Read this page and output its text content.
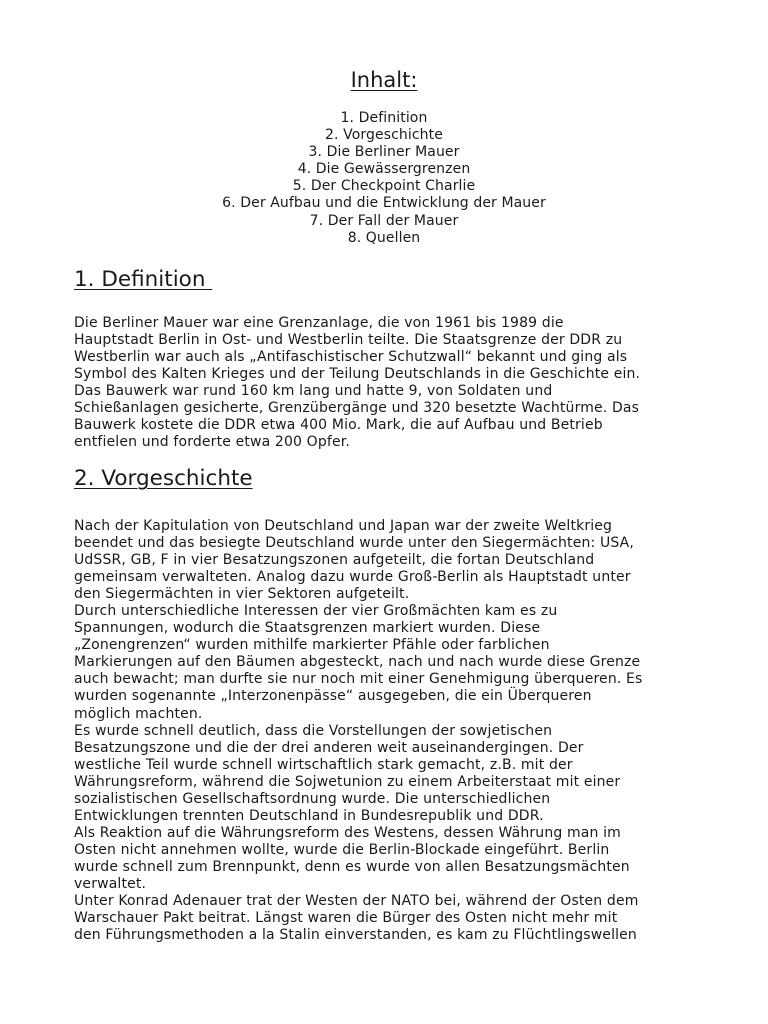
Inhalt:
1. Definition
2. Vorgeschichte
3. Die Berliner Mauer
4. Die Gewässergrenzen
5. Der Checkpoint Charlie
6. Der Aufbau und die Entwicklung der Mauer
7. Der Fall der Mauer
8. Quellen
1. Definition
Die Berliner Mauer war eine Grenzanlage, die von 1961 bis 1989 die
Hauptstadt Berlin in Ost- und Westberlin teilte. Die Staatsgrenze der DDR zu
Westberlin war auch als „Antifaschistischer Schutzwall“ bekannt und ging als
Symbol des Kalten Krieges und der Teilung Deutschlands in die Geschichte ein.
Das Bauwerk war rund 160 km lang und hatte 9, von Soldaten und
Schießanlagen gesicherte, Grenzübergänge und 320 besetzte Wachtürme. Das
Bauwerk kostete die DDR etwa 400 Mio. Mark, die auf Aufbau und Betrieb
entfielen und forderte etwa 200 Opfer.
2. Vorgeschichte
Nach der Kapitulation von Deutschland und Japan war der zweite Weltkrieg
beendet und das besiegte Deutschland wurde unter den Siegermächten: USA,
UdSSR, GB, F in vier Besatzungszonen aufgeteilt, die fortan Deutschland
gemeinsam verwalteten. Analog dazu wurde Groß-Berlin als Hauptstadt unter
den Siegermächten in vier Sektoren aufgeteilt.
Durch unterschiedliche Interessen der vier Großmächten kam es zu
Spannungen, wodurch die Staatsgrenzen markiert wurden. Diese
„Zonengrenzen“ wurden mithilfe markierter Pfähle oder farblichen
Markierungen auf den Bäumen abgesteckt, nach und nach wurde diese Grenze
auch bewacht; man durfte sie nur noch mit einer Genehmigung überqueren. Es
wurden sogenannte „Interzonenpässe“ ausgegeben, die ein Überqueren
möglich machten.
Es wurde schnell deutlich, dass die Vorstellungen der sowjetischen
Besatzungszone und die der drei anderen weit auseinandergingen. Der
westliche Teil wurde schnell wirtschaftlich stark gemacht, z.B. mit der
Währungsreform, während die Sojwetunion zu einem Arbeiterstaat mit einer
sozialistischen Gesellschaftsordnung wurde. Die unterschiedlichen
Entwicklungen trennten Deutschland in Bundesrepublik und DDR.
Als Reaktion auf die Währungsreform des Westens, dessen Währung man im
Osten nicht annehmen wollte, wurde die Berlin-Blockade eingeführt. Berlin
wurde schnell zum Brennpunkt, denn es wurde von allen Besatzungsmächten
verwaltet.
Unter Konrad Adenauer trat der Westen der NATO bei, während der Osten dem
Warschauer Pakt beitrat. Längst waren die Bürger des Osten nicht mehr mit
den Führungsmethoden a la Stalin einverstanden, es kam zu Flüchtlingswellen
